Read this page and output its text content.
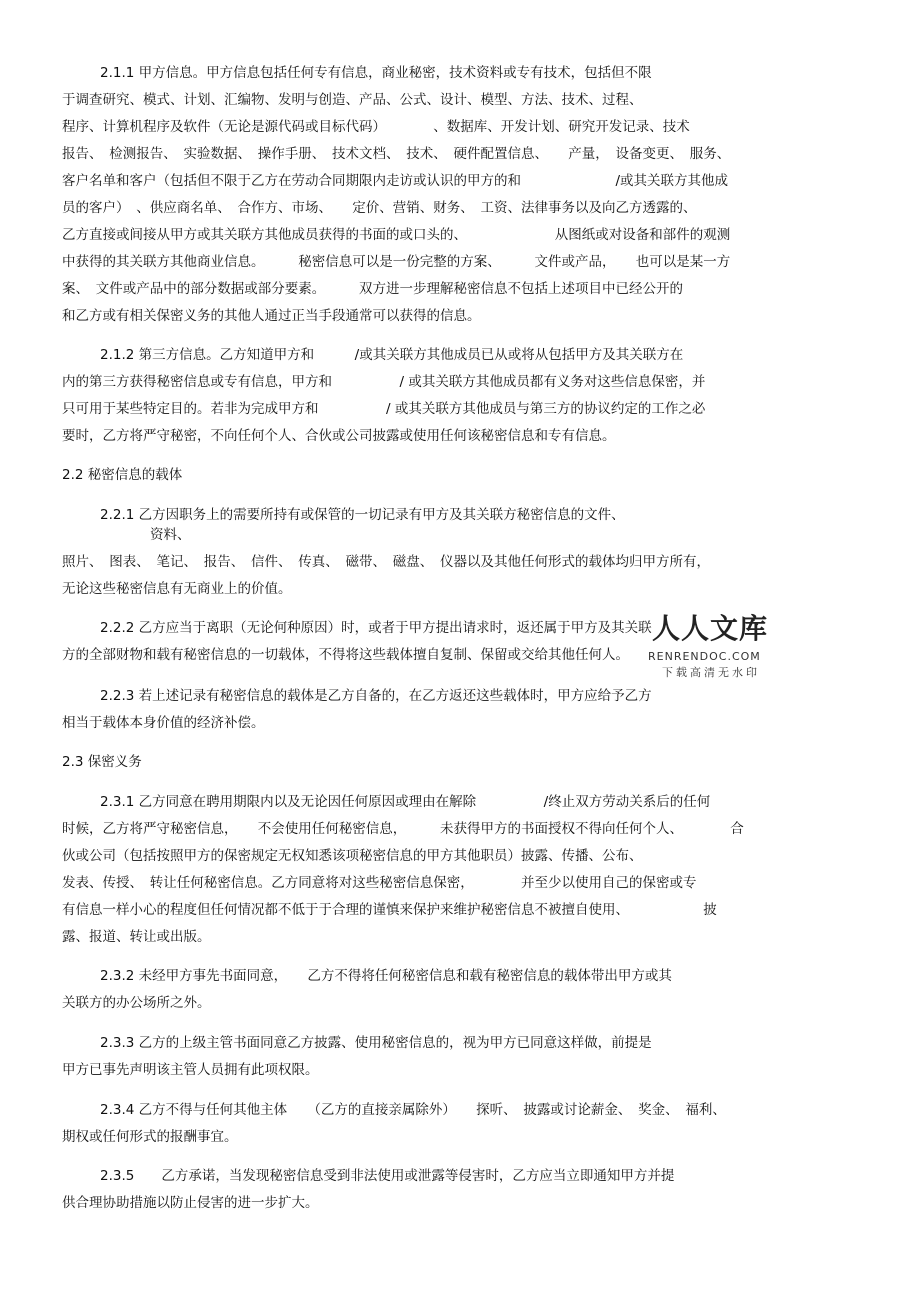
2.1.1 甲方信息。甲方信息包括任何专有信息，商业秘密，技术资料或专有技术，包括但不限

于调查研究、模式、计划、汇编物、发明与创造、产品、公式、设计、模型、方法、技术、过程、

程序、计算机程序及软件（无论是源代码或目标代码）　　　　、数据库、开发计划、研究开发记录、技术

报告、　检测报告、　实验数据、　操作手册、　技术文档、　技术、　硬件配置信息、　　产量，　设备变更、　服务、

客户名单和客户（包括但不限于乙方在劳动合同期限内走访或认识的甲方的和　　　　　　　/或其关联方其他成

员的客户）　、供应商名单、　合作方、市场、　　定价、营销、财务、　工资、法律事务以及向乙方透露的、

乙方直接或间接从甲方或其关联方其他成员获得的书面的或口头的、　　　　　　　从图纸或对设备和部件的观测

中获得的其关联方其他商业信息。　　　秘密信息可以是一份完整的方案、　　　文件或产品，　　也可以是某一方

案、　文件或产品中的部分数据或部分要素。　　　双方进一步理解秘密信息不包括上述项目中已经公开的

和乙方或有相关保密义务的其他人通过正当手段通常可以获得的信息。

2.1.2 第三方信息。乙方知道甲方和　　　/或其关联方其他成员已从或将从包括甲方及其关联方在

内的第三方获得秘密信息或专有信息，甲方和　　　　　/ 或其关联方其他成员都有义务对这些信息保密，并

只可用于某些特定目的。若非为完成甲方和　　　　　/ 或其关联方其他成员与第三方的协议约定的工作之必

要时，乙方将严守秘密，不向任何个人、合伙或公司披露或使用任何该秘密信息和专有信息。

2.2 秘密信息的载体

2.2.1 乙方因职务上的需要所持有或保管的一切记录有甲方及其关联方秘密信息的文件、

资料、

照片、　图表、　笔记、　报告、　信件、　传真、　磁带、　磁盘、　仪器以及其他任何形式的载体均归甲方所有，

无论这些秘密信息有无商业上的价值。

2.2.2 乙方应当于离职（无论何种原因）时，或者于甲方提出请求时，返还属于甲方及其关联

方的全部财物和载有秘密信息的一切载体，不得将这些载体擅自复制、保留或交给其他任何人。

2.2.3 若上述记录有秘密信息的载体是乙方自备的，在乙方返还这些载体时，甲方应给予乙方

相当于载体本身价值的经济补偿。

2.3 保密义务

2.3.1 乙方同意在聘用期限内以及无论因任何原因或理由在解除　　　　　/终止双方劳动关系后的任何

时候，乙方将严守秘密信息，　　不会使用任何秘密信息，　　　未获得甲方的书面授权不得向任何个人、　　　　合

伙或公司（包括按照甲方的保密规定无权知悉该项秘密信息的甲方其他职员）披露、传播、公布、

发表、传授、　转让任何秘密信息。乙方同意将对这些秘密信息保密，　　　　并至少以使用自己的保密或专

有信息一样小心的程度但任何情况都不低于于合理的谨慎来保护来维护秘密信息不被擅自使用、　　　　　　披

露、报道、转让或出版。

2.3.2 未经甲方事先书面同意，　　乙方不得将任何秘密信息和载有秘密信息的载体带出甲方或其

关联方的办公场所之外。

2.3.3 乙方的上级主管书面同意乙方披露、使用秘密信息的，视为甲方已同意这样做，前提是

甲方已事先声明该主管人员拥有此项权限。

2.3.4 乙方不得与任何其他主体　　（乙方的直接亲属除外）　　探听、　披露或讨论薪金、　奖金、　福利、

期权或任何形式的报酬事宜。

2.3.5　　乙方承诺，当发现秘密信息受到非法使用或泄露等侵害时，乙方应当立即通知甲方并提

供合理协助措施以防止侵害的进一步扩大。

人人文库
RENRENDOC.COM
下载高清无水印
